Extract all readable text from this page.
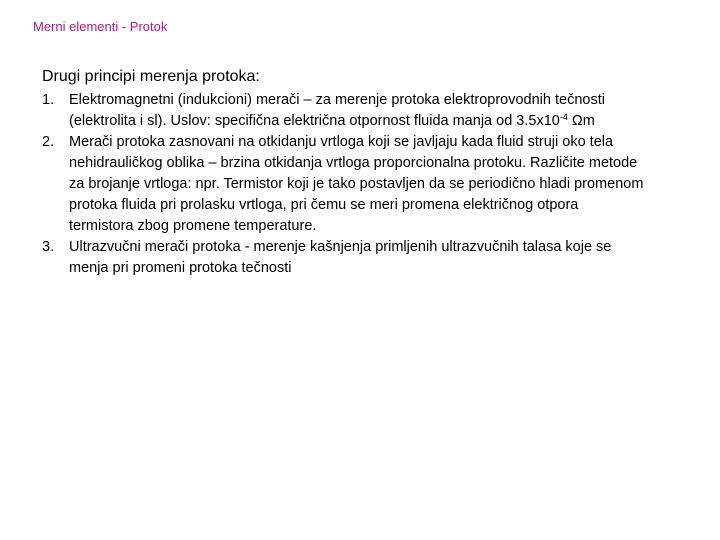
Merni elementi - Protok
Drugi principi merenja protoka:
1.	Elektromagnetni (indukcioni) merači – za merenje protoka elektroprovodnih tečnosti (elektrolita i sl). Uslov: specifična električna otpornost fluida manja od $3.5x10^{-4}$ Ωm
2.	Merači protoka zasnovani na otkidanju vrtloga koji se javljaju kada fluid struji oko tela nehidrauličkog oblika – brzina otkidanja vrtloga proporcionalna protoku. Različite metode za brojanje vrtloga: npr. Termistor koji je tako postavljen da se periodično hladi promenom protoka fluida pri prolasku vrtloga, pri čemu se meri promena električnog otpora termistora zbog promene temperature.
3.	Ultrazvučni merači protoka - merenje kašnjenja primljenih ultrazvučnih talasa koje se menja pri promeni protoka tečnosti
